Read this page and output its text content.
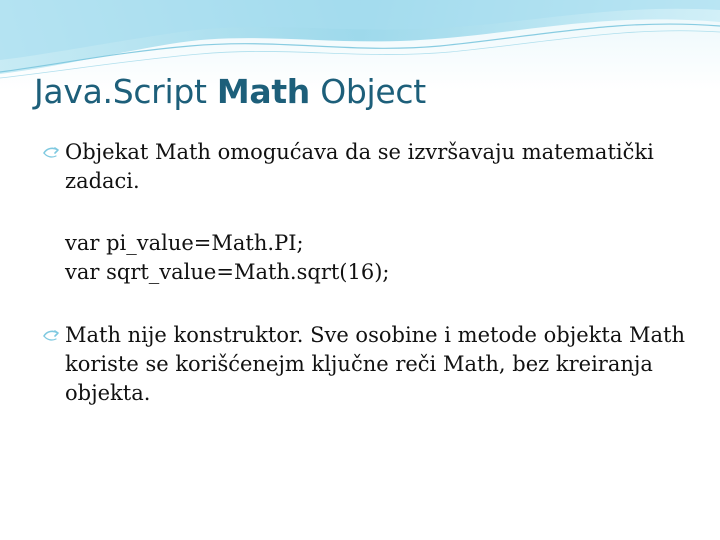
Java.Script Math Object
Objekat Math omogućava da se izvršavaju matematički zadaci.
var pi_value=Math.PI;
var sqrt_value=Math.sqrt(16);
Math nije konstruktor. Sve osobine i metode objekta Math koriste se korišćenejm ključne reči Math, bez kreiranja objekta.
